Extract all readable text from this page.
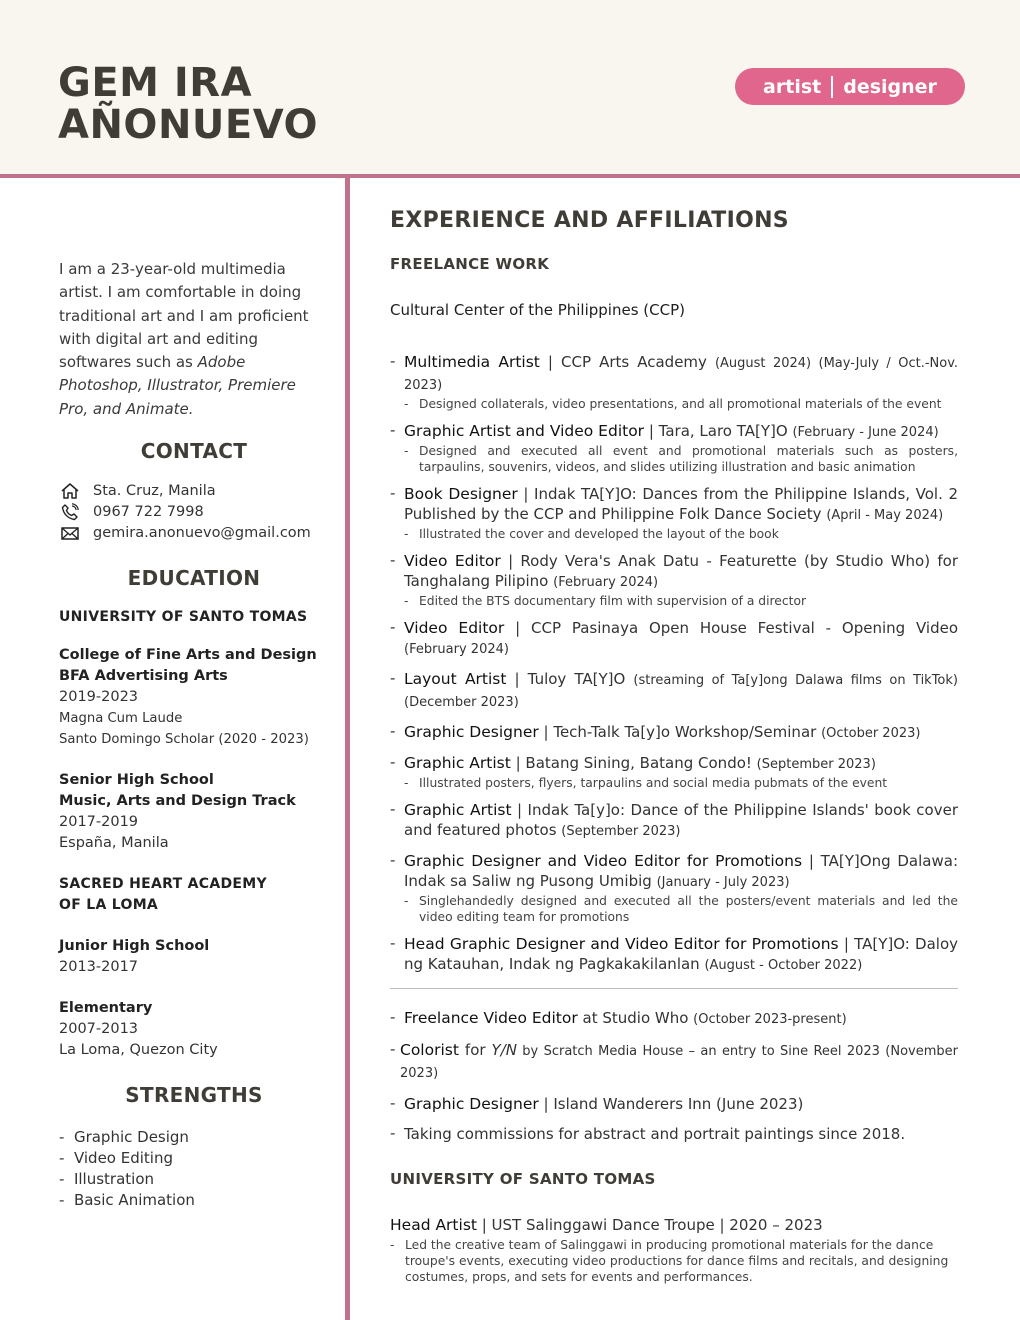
GEM IRA
AÑONUEVO
artist designer

I am a 23-year-old multimedia artist. I am comfortable in doing traditional art and I am proficient with digital art and editing softwares such as Adobe Photoshop, Illustrator, Premiere Pro, and Animate.

CONTACT
Sta. Cruz, Manila
0967 722 7998
gemira.anonuevo@gmail.com
EDUCATION
UNIVERSITY OF SANTO TOMAS
College of Fine Arts and Design
BFA Advertising Arts
2019-2023
Magna Cum Laude
Santo Domingo Scholar (2020 - 2023)
Senior High School
Music, Arts and Design Track
2017-2019
España, Manila
SACRED HEART ACADEMY
OF LA LOMA
Junior High School
2013-2017
Elementary
2007-2013
La Loma, Quezon City
STRENGTHS
- Graphic Design
- Video Editing
- Illustration
- Basic Animation
EXPERIENCE AND AFFILIATIONS
FREELANCE WORK
Cultural Center of the Philippines (CCP)
- Multimedia Artist | CCP Arts Academy (August 2024) (May-July / Oct.-Nov. 2023)
- Designed collaterals, video presentations, and all promotional materials of the event
- Graphic Artist and Video Editor | Tara, Laro TA[Y]O (February - June 2024)
- Designed and executed all event and promotional materials such as posters, tarpaulins, souvenirs, videos, and slides utilizing illustration and basic animation
- Book Designer | Indak TA[Y]O: Dances from the Philippine Islands, Vol. 2 Published by the CCP and Philippine Folk Dance Society (April - May 2024)
- Illustrated the cover and developed the layout of the book
- Video Editor | Rody Vera's Anak Datu - Featurette (by Studio Who) for Tanghalang Pilipino (February 2024)
- Edited the BTS documentary film with supervision of a director
- Video Editor | CCP Pasinaya Open House Festival - Opening Video (February 2024)
- Layout Artist | Tuloy TA[Y]O (streaming of Ta[y]ong Dalawa films on TikTok) (December 2023)
- Graphic Designer | Tech-Talk Ta[y]o Workshop/Seminar (October 2023)
- Graphic Artist | Batang Sining, Batang Condo! (September 2023)
- Illustrated posters, flyers, tarpaulins and social media pubmats of the event
- Graphic Artist | Indak Ta[y]o: Dance of the Philippine Islands' book cover and featured photos (September 2023)
- Graphic Designer and Video Editor for Promotions | TA[Y]Ong Dalawa: Indak sa Saliw ng Pusong Umibig (January - July 2023)
- Singlehandedly designed and executed all the posters/event materials and led the video editing team for promotions
- Head Graphic Designer and Video Editor for Promotions | TA[Y]O: Daloy ng Katauhan, Indak ng Pagkakakilanlan (August - October 2022)
- Freelance Video Editor at Studio Who (October 2023-present)
- Colorist for Y/N by Scratch Media House – an entry to Sine Reel 2023 (November 2023)
- Graphic Designer | Island Wanderers Inn (June 2023)
- Taking commissions for abstract and portrait paintings since 2018.
UNIVERSITY OF SANTO TOMAS
Head Artist | UST Salinggawi Dance Troupe | 2020 – 2023
- Led the creative team of Salinggawi in producing promotional materials for the dance troupe's events, executing video productions for dance films and recitals, and designing costumes, props, and sets for events and performances.
